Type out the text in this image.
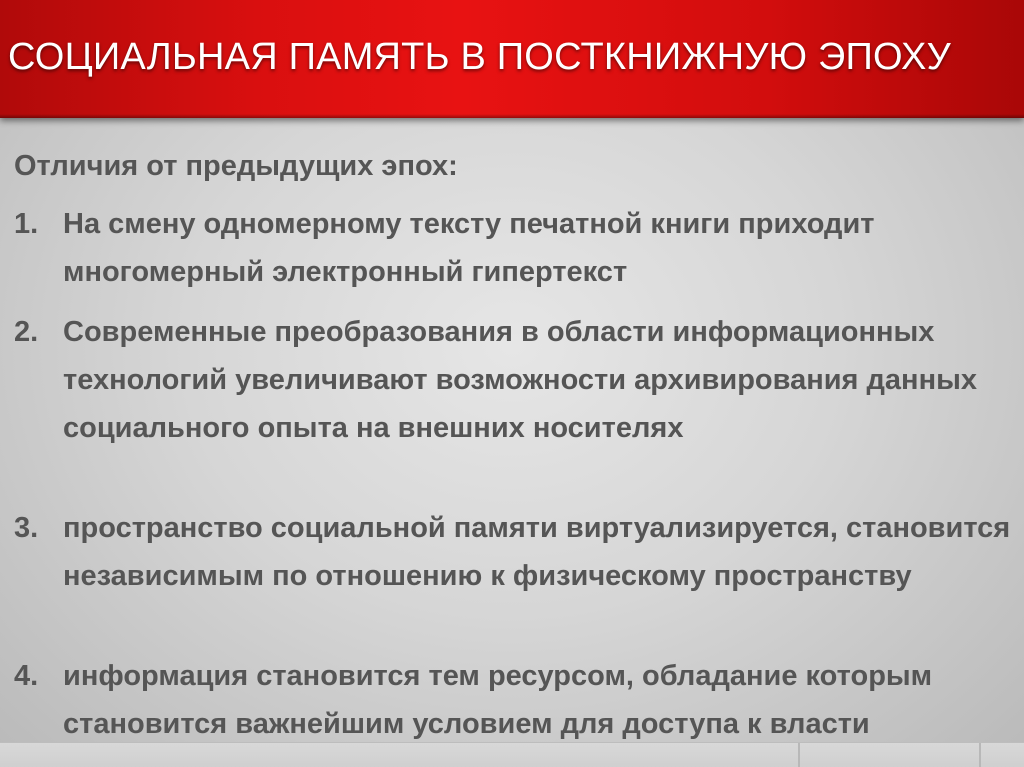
СОЦИАЛЬНАЯ ПАМЯТЬ В ПОСТКНИЖНУЮ ЭПОХУ

Отличия от предыдущих эпох:

1. На смену одномерному тексту печатной книги приходит многомерный электронный гипертекст

2. Современные преобразования в области информационных технологий увеличивают возможности архивирования данных социального опыта на внешних носителях

3. пространство социальной памяти виртуализируется, становится независимым по отношению к физическому пространству

4. информация становится тем ресурсом, обладание которым становится важнейшим условием для доступа к власти
